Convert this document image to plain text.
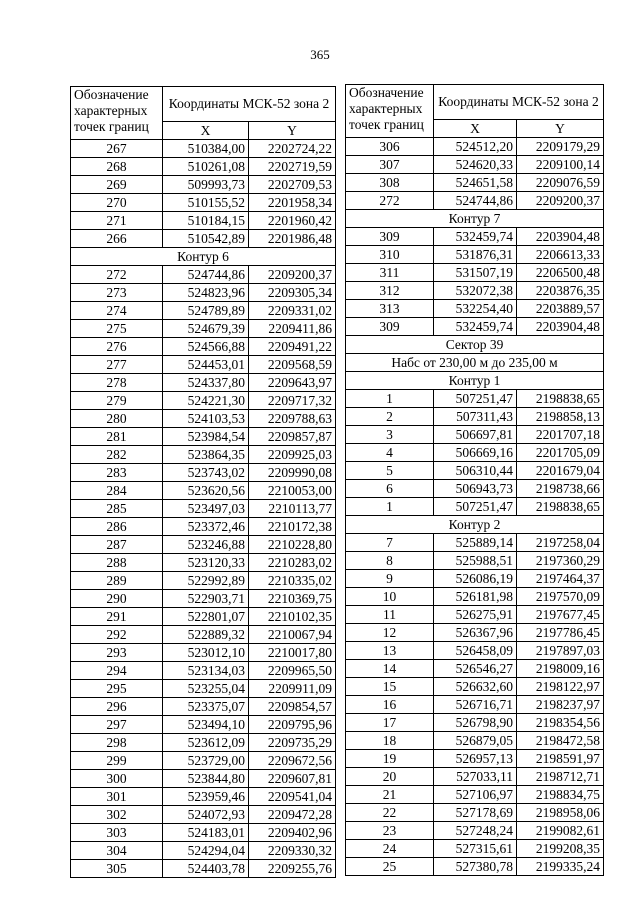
365
Обозначение характерных точек границ	Координаты МСК-52 зона 2	
	X	Y
267	510384,00	2202724,22
268	510261,08	2202719,59
269	509993,73	2202709,53
270	510155,52	2201958,34
271	510184,15	2201960,42
266	510542,89	2201986,48
Контур 6		
272	524744,86	2209200,37
273	524823,96	2209305,34
274	524789,89	2209331,02
275	524679,39	2209411,86
276	524566,88	2209491,22
277	524453,01	2209568,59
278	524337,80	2209643,97
279	524221,30	2209717,32
280	524103,53	2209788,63
281	523984,54	2209857,87
282	523864,35	2209925,03
283	523743,02	2209990,08
284	523620,56	2210053,00
285	523497,03	2210113,77
286	523372,46	2210172,38
287	523246,88	2210228,80
288	523120,33	2210283,02
289	522992,89	2210335,02
290	522903,71	2210369,75
291	522801,07	2210102,35
292	522889,32	2210067,94
293	523012,10	2210017,80
294	523134,03	2209965,50
295	523255,04	2209911,09
296	523375,07	2209854,57
297	523494,10	2209795,96
298	523612,09	2209735,29
299	523729,00	2209672,56
300	523844,80	2209607,81
301	523959,46	2209541,04
302	524072,93	2209472,28
303	524183,01	2209402,96
304	524294,04	2209330,32
305	524403,78	2209255,76
Обозначение характерных точек границ	Координаты МСК-52 зона 2	
	X	Y
306	524512,20	2209179,29
307	524620,33	2209100,14
308	524651,58	2209076,59
272	524744,86	2209200,37
Контур 7		
309	532459,74	2203904,48
310	531876,31	2206613,33
311	531507,19	2206500,48
312	532072,38	2203876,35
313	532254,40	2203889,57
309	532459,74	2203904,48
Сектор 39		
Набс от 230,00 м до 235,00 м		
Контур 1		
1	507251,47	2198838,65
2	507311,43	2198858,13
3	506697,81	2201707,18
4	506669,16	2201705,09
5	506310,44	2201679,04
6	506943,73	2198738,66
1	507251,47	2198838,65
Контур 2		
7	525889,14	2197258,04
8	525988,51	2197360,29
9	526086,19	2197464,37
10	526181,98	2197570,09
11	526275,91	2197677,45
12	526367,96	2197786,45
13	526458,09	2197897,03
14	526546,27	2198009,16
15	526632,60	2198122,97
16	526716,71	2198237,97
17	526798,90	2198354,56
18	526879,05	2198472,58
19	526957,13	2198591,97
20	527033,11	2198712,71
21	527106,97	2198834,75
22	527178,69	2198958,06
23	527248,24	2199082,61
24	527315,61	2199208,35
25	527380,78	2199335,24
